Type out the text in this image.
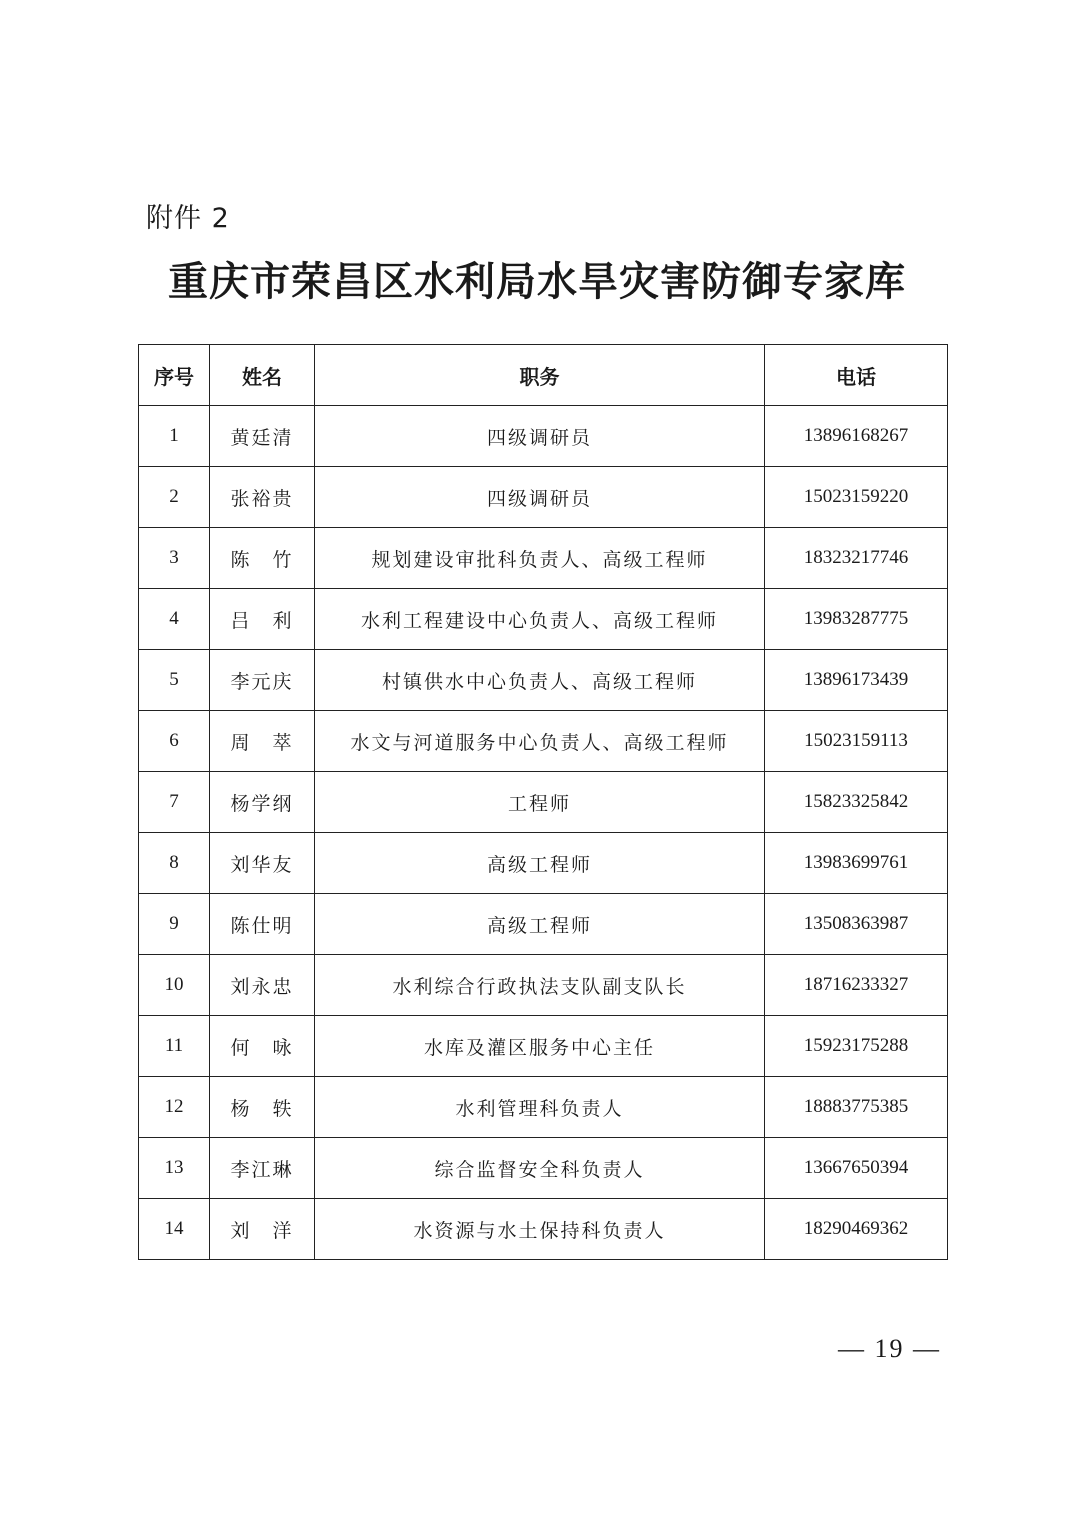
附件 2
重庆市荣昌区水利局水旱灾害防御专家库
序号	姓名	职务	电话
1	黄廷清	四级调研员	13896168267
2	张裕贵	四级调研员	15023159220
3	陈　竹	规划建设审批科负责人、高级工程师	18323217746
4	吕　利	水利工程建设中心负责人、高级工程师	13983287775
5	李元庆	村镇供水中心负责人、高级工程师	13896173439
6	周　萃	水文与河道服务中心负责人、高级工程师	15023159113
7	杨学纲	工程师	15823325842
8	刘华友	高级工程师	13983699761
9	陈仕明	高级工程师	13508363987
10	刘永忠	水利综合行政执法支队副支队长	18716233327
11	何　咏	水库及灌区服务中心主任	15923175288
12	杨　轶	水利管理科负责人	18883775385
13	李江琳	综合监督安全科负责人	13667650394
14	刘　洋	水资源与水土保持科负责人	18290469362
— 19 —
